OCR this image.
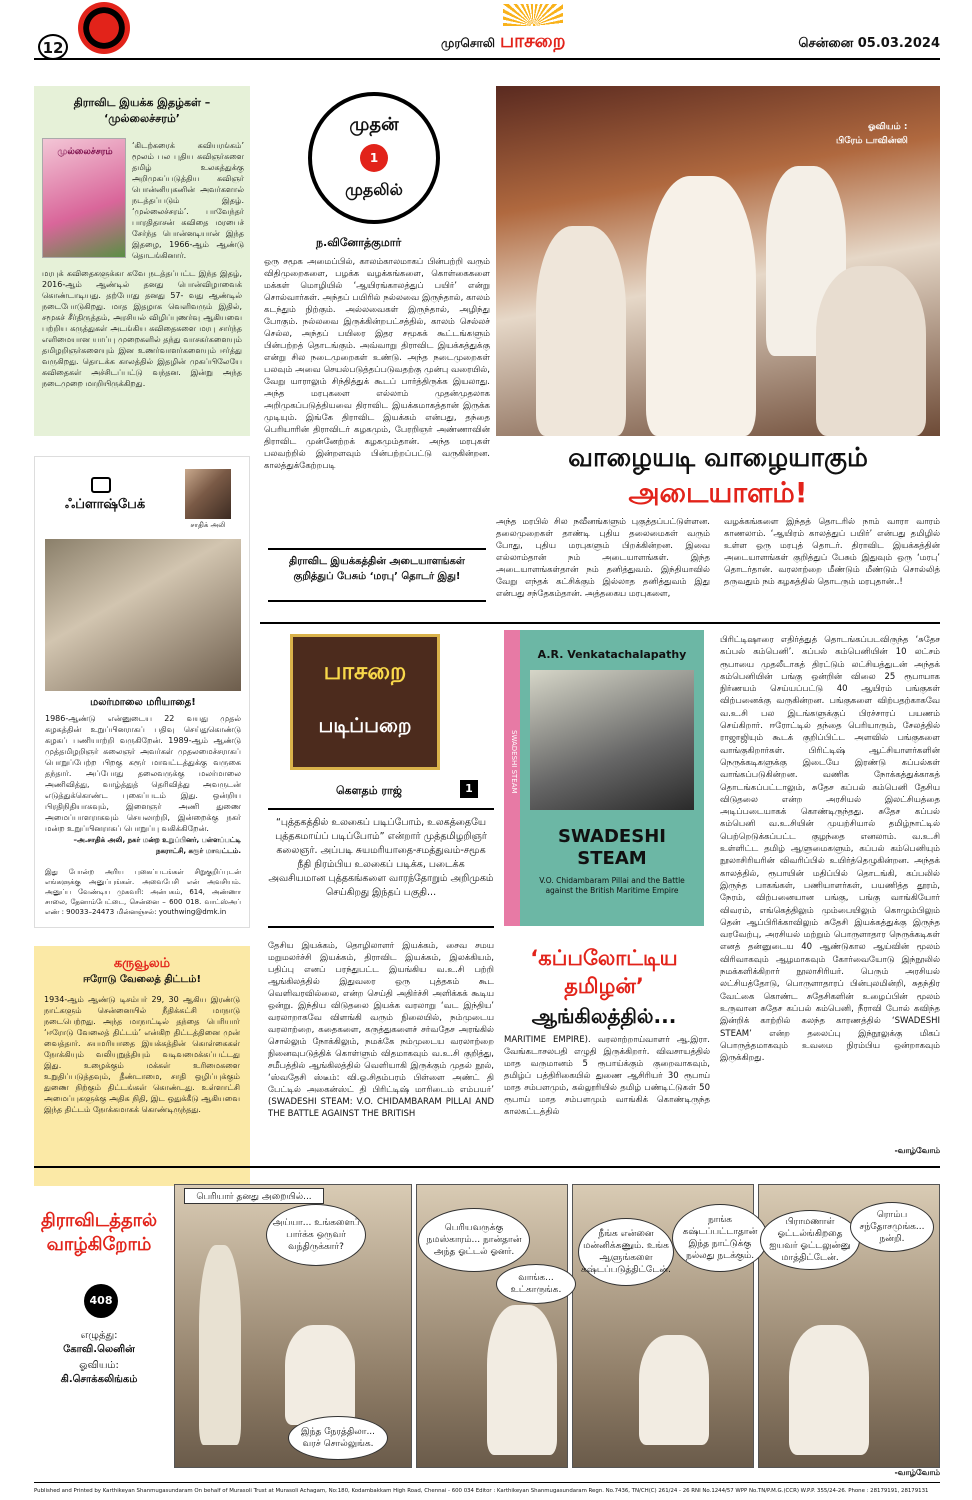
12	முரசொலி பாசறை	சென்னை 05.03.2024
திராவிட இயக்க இதழ்கள் –
‘முல்லைச்சரம்’
முல்லைச்சரம்
‘கிடற்கரைக் கவியரங்கம்’ மூலம் பல புதிய கவிஞர்களை தமிழ் உலகத்துக்கு அறிமுகப்படுத்திய கவிஞர் பொன்னியுகனின் அவர்களால் நடத்தப்படும் இதழ். ‘முல்லைச்சரம்’. பாவேந்தர் பாரதிதாசன் கவிதை மரபைச் சேர்ந்த பொன்னடியான் இந்த இதழை, 1966-ஆம் ஆண்டு தொடங்கினார்.
மரபுக் கவிதைகளுக்கா கவே நடத்தப்பட்ட இந்த இதழ், 2016-ஆம் ஆண்டில் தனது பொன்விழாவைக் கொண்டாடியது. தற்போது தனது 57- வது ஆண்டில் நடைபோடுகிறது. மாத இதழாக வெளிவரும் இதில், சமூகச் சீர்திருத்தம், அரசியல் விழிப்புணர்வு ஆகியவை பற்றிய கருத்துகள் அடங்கிய கவிதைகளை மரபு சார்ந்த எளிமையான யாப்பு முறைகளில் தந்து வாசகர்களையும் தமிழறிஞர்களையும் இன உணர்வாளர்களையும் ஈர்த்து வருகிறது. தொடக்க காலத்தில் இதழின் முகப்பிலேயே கவிதைகள் அச்சிடப்பட்டு வந்தன. இன்று அந்த நடைமுறை மாறியிருக்கிறது.
ஃப்ளாஷ்பேக்
சாதிக் அலி
மலர்மாலை மரியாதை!
1986-ஆண்டு என்னுடைய 22 வயது முதல் கழகத்தின் உறுப்பினராகப் பதிவு செய்துகொண்டு கழகப் பணியாற்றி வருகிறேன். 1989-ஆம் ஆண்டு முத்தமிழறிஞர் கலைஞர் அவர்கள் முதலமைச்சராகப் பொறுப்பேற்ற பிறகு கரூர் மாவட்டத்துக்கு வருகை தந்தார். அப்போது தலைவருக்கு மலர்மாலை அணிவித்து, வாழ்த்துத் தெரிவித்து அவருடன் எடுத்துக்கொண்ட புகைப்படம் இது. ஒன்றிய பிரதிநிதியாகவும், இளைஞர் அணி துணை அமைப்பாளராகவும் செயலாற்றி, இன்றைக்கு நகர் மன்ற உறுப்பினராகப் பொறுப்பு வகிக்கிறேன்.
–அ.சாதிக் அலி, நகர் மன்ற உறுப்பினர், பள்ளப்பட்டி நகராட்சி, கரூர் மாவட்டம்.
இது போன்ற அரிய புகைப்படங்கள் சிறுகுறிப்புடன் எங்களுக்கு அனுப்புங்கள். அவைபேசி என் அவசியம். அனுப்ப வேண்டிய முகவரி: அன்பகம், 614, அண்ணா சாலை, தேனாம்பேட்டை, சென்னை – 600 018. வாட்ஸ்அப் எண் : 90033–24473 மின்னஞ்சல்: youthwing@dmk.in
கருவூலம்
ஈரோடு வேலைத் திட்டம்!
1934-ஆம் ஆண்டு டிசம்பர் 29, 30 ஆகிய இரண்டு நாட்களும் சென்னையில் நீதிக்கட்சி மாநாடு நடைபெற்றது. அந்த மாநாட்டில் தந்தை பெரியார் ‘ஈரோடு வேலைத் திட்டம்’ என்கிற திட்டத்தினை முன் வைத்தார். சுயமரியாதை இயக்கத்தின் கொள்கைகள் நோக்கியும் வலியுறுத்தியும் வடிவமைக்கப்பட்டது இது. உழைக்கும் மக்கள் உரிமைகளை உறுதிப்படுத்தவும், தீண்டாமை, சாதி ஒழிப்புக்கும் துணை நிற்கும் திட்டங்கள் கொண்டது. உள்ளாட்சி அமைப்புகளுக்கு அதிக நிதி, இட ஒதுக்கீடு ஆகியவை இந்த திட்டம் நோக்கமாகக் கொண்டிருந்தது.
முதன்
1
முதலில்
ந.வினோத்குமார்
ஒரு சமூக அமைப்பில், காலம்காலமாகப் பின்பற்றி வரும் விதிமுறைகளை, பழக்க வழக்கங்களை, கொள்கைகளை மக்கள் மொழியில் ‘ஆயிரங்காலத்துப் பயிர்’ என்று சொல்வார்கள். அந்தப் பயிரில் நல்லவை இருந்தால், காலம் கடந்தும் நிற்கும். அல்லவைகள் இருந்தால், அழிந்து போகும். நல்லவை இருக்கின்றபட்சத்தில், காலம் செல்லச் செல்ல, அந்தப் பயிரை இதர சமூகக் கூட்டங்களும் பின்பற்றத் தொடங்கும். அவ்வாறு திராவிட இயக்கத்துக்கு என்று சில நடைமுறைகள் உண்டு. அந்த நடைமுறைகள் பலவும் அவை செயல்படுத்தப்படுவதற்கு முன்பு வரையில், வேறு யாராலும் சிந்தித்துக் கூடப் பார்த்திருக்க இயலாது. அந்த மரபுகளை எல்லாம் முதன்முதலாக அறிமுகப்படுத்தியவை திராவிட இயக்கமாகத்தான் இருக்க முடியும். இங்கே திராவிட இயக்கம் என்பது, தந்தை பெரியாரின் திராவிடர் கழகமும், பேரறிஞர் அண்ணாவின் திராவிட முன்னேற்றக் கழகமும்தான். அந்த மரபுகள் பலவற்றில் இன்றளவும் பின்பற்றப்பட்டு வருகின்றன. காலத்துக்கேற்றபடி
திராவிட இயக்கத்தின் அடையாளங்கள் குறித்துப் பேசும் ‘மரபு’ தொடர் இது!
ஓவியம் :
பிரேம் டாவின்ஸி
வாழையடி வாழையாகும்
அடையாளம்!
அந்த மரபில் சில நவீனங்களும் புகுத்தப்பட்டுள்ளன. தலைமுறைகள் தாண்டி புதிய தலைமைகள் வரும் போது, புதிய மரபுகளும் பிறக்கின்றன. இவை எல்லாம்தான் நம் அடையாளங்கள். இந்த அடையாளங்கள்தான் நம் தனித்துவம். இந்தியாவில் வேறு எந்தக் கட்சிக்கும் இல்லாத தனித்துவம் இது என்பது சந்தேகம்தான். அத்தகைய மரபுகளை,
வழக்கங்களை இந்தத் தொடரில் நாம் வாரா வாரம் காணலாம். ‘ஆயிரம் காலத்துப் பயிர்’ என்பது தமிழில் உள்ள ஒரு மரபுத் தொடர். திராவிட இயக்கத்தின் அடையாளங்கள் குறித்துப் பேசும் இதுவும் ஒரு ‘மரபு’ தொடர்தான். வரலாற்றை மீண்டும் மீண்டும் சொல்லித் தருவதும் நம் கழகத்தில் தொடரும் மரபுதான்..!
பாசறை
படிப்பறை
கௌதம் ராஜ்	1
“புத்தகத்தில் உலகைப் படிப்போம், உலகத்தையே புத்தகமாய்ப் படிப்போம்” என்றார் முத்தமிழறிஞர் கலைஞர். அப்படி சுயமரியாதை-சமத்துவம்-சமூக நீதி நிரம்பிய உலகைப் படிக்க, படைக்க அவசியமான புத்தகங்களை வாரந்தோறும் அறிமுகம் செய்கிறது இந்தப் பகுதி...
தேசிய இயக்கம், தொழிலாளர் இயக்கம், சைவ சமய மறுமலர்ச்சி இயக்கம், திராவிட இயக்கம், இலக்கியம், பதிப்பு எனப் பரந்துபட்ட இயங்கிய வ.உ.சி பற்றி ஆங்கிலத்தில் இதுவரை ஒரு புத்தகம் கூட வெளிவரவில்லை, என்ற செய்தி அதிர்ச்சி அளிக்கக் கூடிய ஒன்று. இந்திய விடுதலை இயக்க வரலாறு ‘வட இந்திய’ வரலாறாகவே விளங்கி வரும் நிலையில், நம்முடைய வரலாற்றை, கதைகளை, கருத்துகளைச் சர்வதேச அரங்கில் சொல்லும் நோக்கிலும், நமக்கே நம்முடைய வரலாற்றை நினைவுபடுத்திக் கொள்ளும் விதமாகவும் வ.உ.சி குறித்து, சமீபத்தில் ஆங்கிலத்தில் வெளியாகி இருக்கும் முதல் நூல், ‘ஸ்வதேசி ஸ்டீம்: வி.ஓ.சிதம்பரம் பிள்ளை அண்ட் தி பேட்டில் அகைன்ஸ்ட் தி பிரிட்டிஷ் மாரிடைம் எம்பயர்’ (SWADESHI STEAM: V.O. CHIDAMBARAM PILLAI AND THE BATTLE AGAINST THE BRITISH
A.R. Venkatachalapathy
SWADESHI
STEAM
V.O. Chidambaram Pillai and the Battle against the British Maritime Empire
SWADESHI STEAM
‘கப்பலோட்டிய
தமிழன்’
ஆங்கிலத்தில்...
MARITIME EMPIRE). வரலாற்றாய்வாளர் ஆ.இரா. வேங்கடாசலபதி எழுதி இருக்கிறார். விவசாயத்தில் மாத வருமானம் 5 ரூபாய்க்கும் குறைவாகவும், தமிழ்ப் பத்திரிகையில் துணை ஆசிரியர் 30 ரூபாய் மாத சம்பளமும், கல்லூரியில் தமிழ் பண்டிட்டுகள் 50 ரூபாய் மாத சம்பளமும் வாங்கிக் கொண்டிருந்த காலகட்டத்தில்
பிரிட்டிஷாரை எதிர்த்துத் தொடங்கப்படவிருந்த ‘சுதேச கப்பல் கம்பெனி’. கப்பல் கம்பெனியின் 10 லட்சம் ரூபாயை முதலீடாகத் திரட்டும் லட்சியத்துடன் அந்தக் கம்பெனியின் பங்கு ஒன்றின் விலை 25 ரூபாயாக நிர்ணயம் செய்யப்பட்டு 40 ஆயிரம் பங்குகள் விற்பனைக்கு வருகின்றன. பங்குகளை விற்பதற்காகவே வ.உ.சி பல இடங்களுக்குப் பிரச்சாரப் பயணம் செய்கிறார். ஈரோட்டில் தந்தை பெரியாரும், சேலத்தில் ராஜாஜியும் கூடக் குறிப்பிட்ட அளவில் பங்குகளை வாங்குகிறார்கள். பிரிட்டிஷ் ஆட்சியாளர்களின் நெருக்கடிகளுக்கு இடையே இரண்டு கப்பல்கள் வாங்கப்படுகின்றன. வணிக நோக்கத்துக்காகத் தொடங்கப்பட்டாலும், சுதேச கப்பல் கம்பெனி தேசிய விடுதலை என்ற அரசியல் இலட்சியத்தை அடிப்படையாகக் கொண்டிருந்தது. சுதேச கப்பல் கம்பெனி வ.உ.சியின் முயற்சியால் தமிழ்நாட்டில் பெற்றெடுக்கப்பட்ட குழந்தை எனலாம். வ.உ.சி உள்ளிட்ட தமிழ் ஆளுமைகளும், கப்பல் கம்பெனியும் நூலாசிரியரின் விவரிப்பில் உயிர்த்தெழுகின்றன. அந்தக் காலத்தில், ரூபாயின் மதிப்பில் தொடங்கி, கப்பலில் இருந்த பாகங்கள், பணியாளர்கள், பயணித்த தூரம், நேரம், விற்பனையான பங்கு, பங்கு வாங்கியோர் விவரம், எங்கெத்திலும் மும்பையிலும் கொழும்பிலும் தென் ஆப்பிரிக்காவிலும் சுதேசி இயக்கத்துக்கு இருந்த வரவேற்பு, அரசியல் மற்றும் பொருளாதார நெருக்கடிகள் எனத் தன்னுடைய 40 ஆண்டுகால ஆய்வின் மூலம் விரிவாகவும் ஆழமாகவும் கோர்வையோடு இந்நூலில் நமக்களிக்கிறார் நூலாசிரியர். பெரும் அரசியல் லட்சியத்தோடு, பொருளாதாரப் பின்புலமின்றி, சுதந்திர வேட்கை கொண்ட சுதேசிகளின் உழைப்பின் மூலம் உருவான சுதேச கப்பல் கம்பெனி, நீராவி போல் கவிந்த இன்றிக் காற்றில் கலந்த காரணத்தில் ‘SWADESHI STEAM’ என்ற தலைப்பு இந்நூலுக்கு மிகப் பொருத்தமாகவும் உவமை நிரம்பிய ஒன்றாகவும் இருக்கிறது.
-வாழ்வோம்
திராவிடத்தால்
வாழ்கிறோம்
408
எழுத்து:
கோவி.லெனின்
ஓவியம்:
கி.சொக்கலிங்கம்
பெரியார் தனது அறையில்...
அய்யா... உங்களைப் பார்க்க ஒருவர் வந்திருக்கார்?
பெரியவருக்கு நமஸ்காரம்... நான்தான் அந்த ஓட்டல் ஓனர்.
வாங்க... உட்காருங்க.
இந்த நேரத்திலா... வரச் சொல்லுங்க.
நீங்க என்னை மன்னிக்கணும். உங்க ஆளுங்களை கஷ்டப்படுத்திட்டேன்.
நாங்க கஷ்டப்பட்டாதான் இந்த நாட்டுக்கு நல்லது நடக்கும்.
பிராமணாள் ஓட்டல்ங்கிறதை ஐயவர் ஓட்டலுன்னு மாத்திட்டேன்.
ரொம்ப சந்தோசமுங்க... நன்றி.
-வாழ்வோம்
Published and Printed by Karthikeyan Shanmugasundaram On behalf of Murasoli Trust at Murasoli Achagam, No:180, Kodambakkam High Road, Chennai - 600 034 Editor : Karthikeyan Shanmugasundaram Regn. No.7436, TN/CH(C) 261/24 - 26 RNI No.1244/57 WPP No.TN/P.M.G.(CCR) W.P.P. 355/24-26. Phone : 28179191, 28179131
